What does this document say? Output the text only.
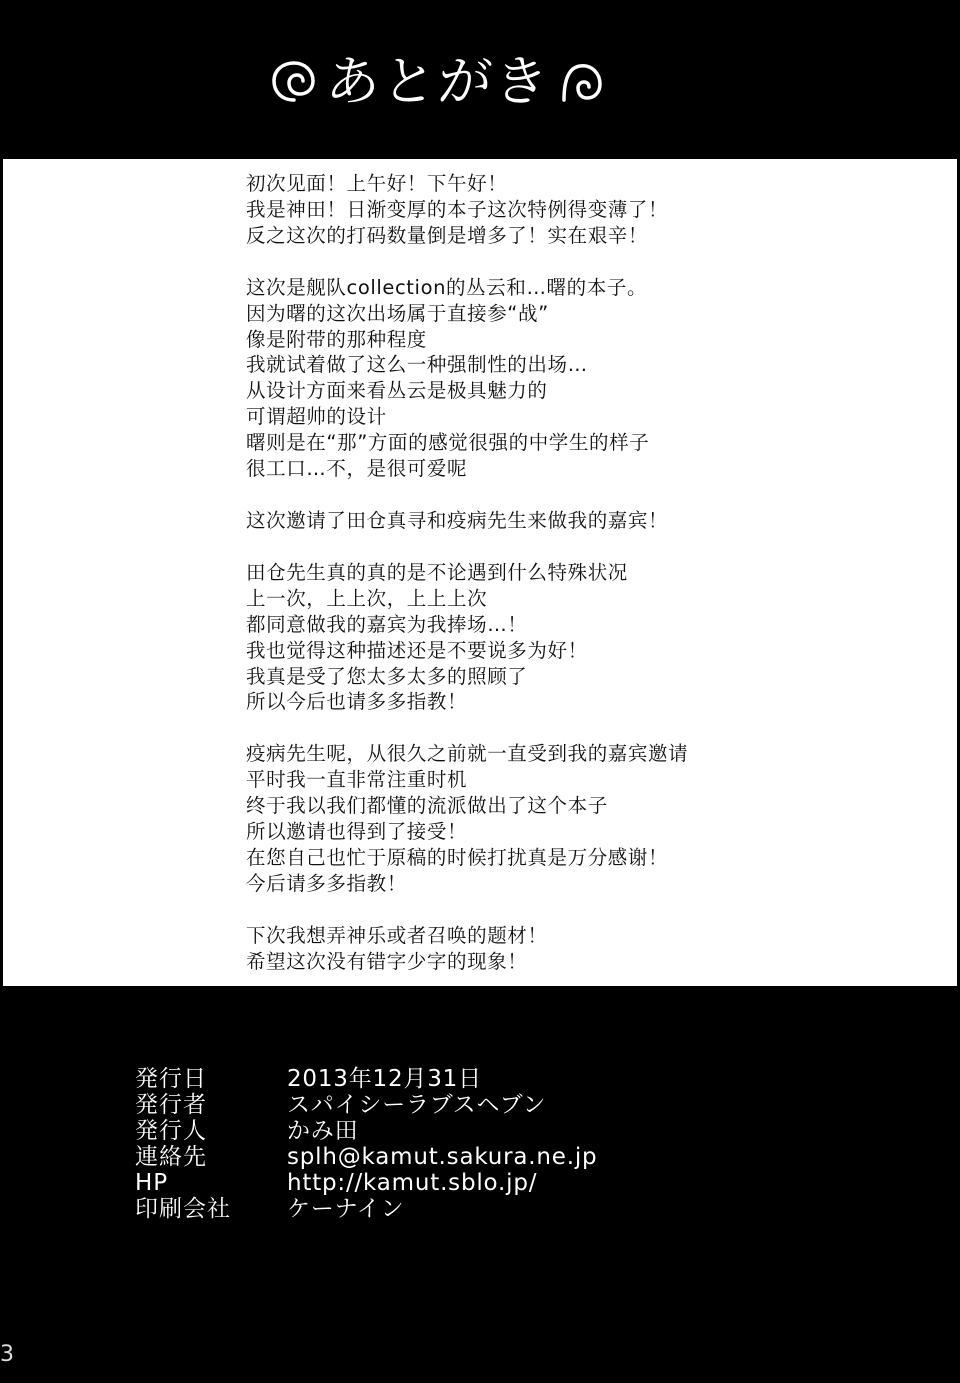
あとがき
初次见面！上午好！下午好！
我是神田！日渐变厚的本子这次特例得变薄了！
反之这次的打码数量倒是增多了！实在艰辛！
这次是舰队collection的丛云和…曙的本子。
因为曙的这次出场属于直接参“战”
像是附带的那种程度
我就试着做了这么一种强制性的出场…
从设计方面来看丛云是极具魅力的
可谓超帅的设计
曙则是在“那”方面的感觉很强的中学生的样子
很工口…不，是很可爱呢
这次邀请了田仓真寻和疫病先生来做我的嘉宾！
田仓先生真的真的是不论遇到什么特殊状况
上一次，上上次，上上上次
都同意做我的嘉宾为我捧场…！
我也觉得这种描述还是不要说多为好！
我真是受了您太多太多的照顾了
所以今后也请多多指教！
疫病先生呢，从很久之前就一直受到我的嘉宾邀请
平时我一直非常注重时机
终于我以我们都懂的流派做出了这个本子
所以邀请也得到了接受！
在您自己也忙于原稿的时候打扰真是万分感谢！
今后请多多指教！
下次我想弄神乐或者召唤的题材！
希望这次没有错字少字的现象！
発行日	2013年12月31日
発行者	スパイシーラブスヘブン
発行人	かみ田
連絡先	splh@kamut.sakura.ne.jp
HP	http://kamut.sblo.jp/
印刷会社	ケーナイン
3
